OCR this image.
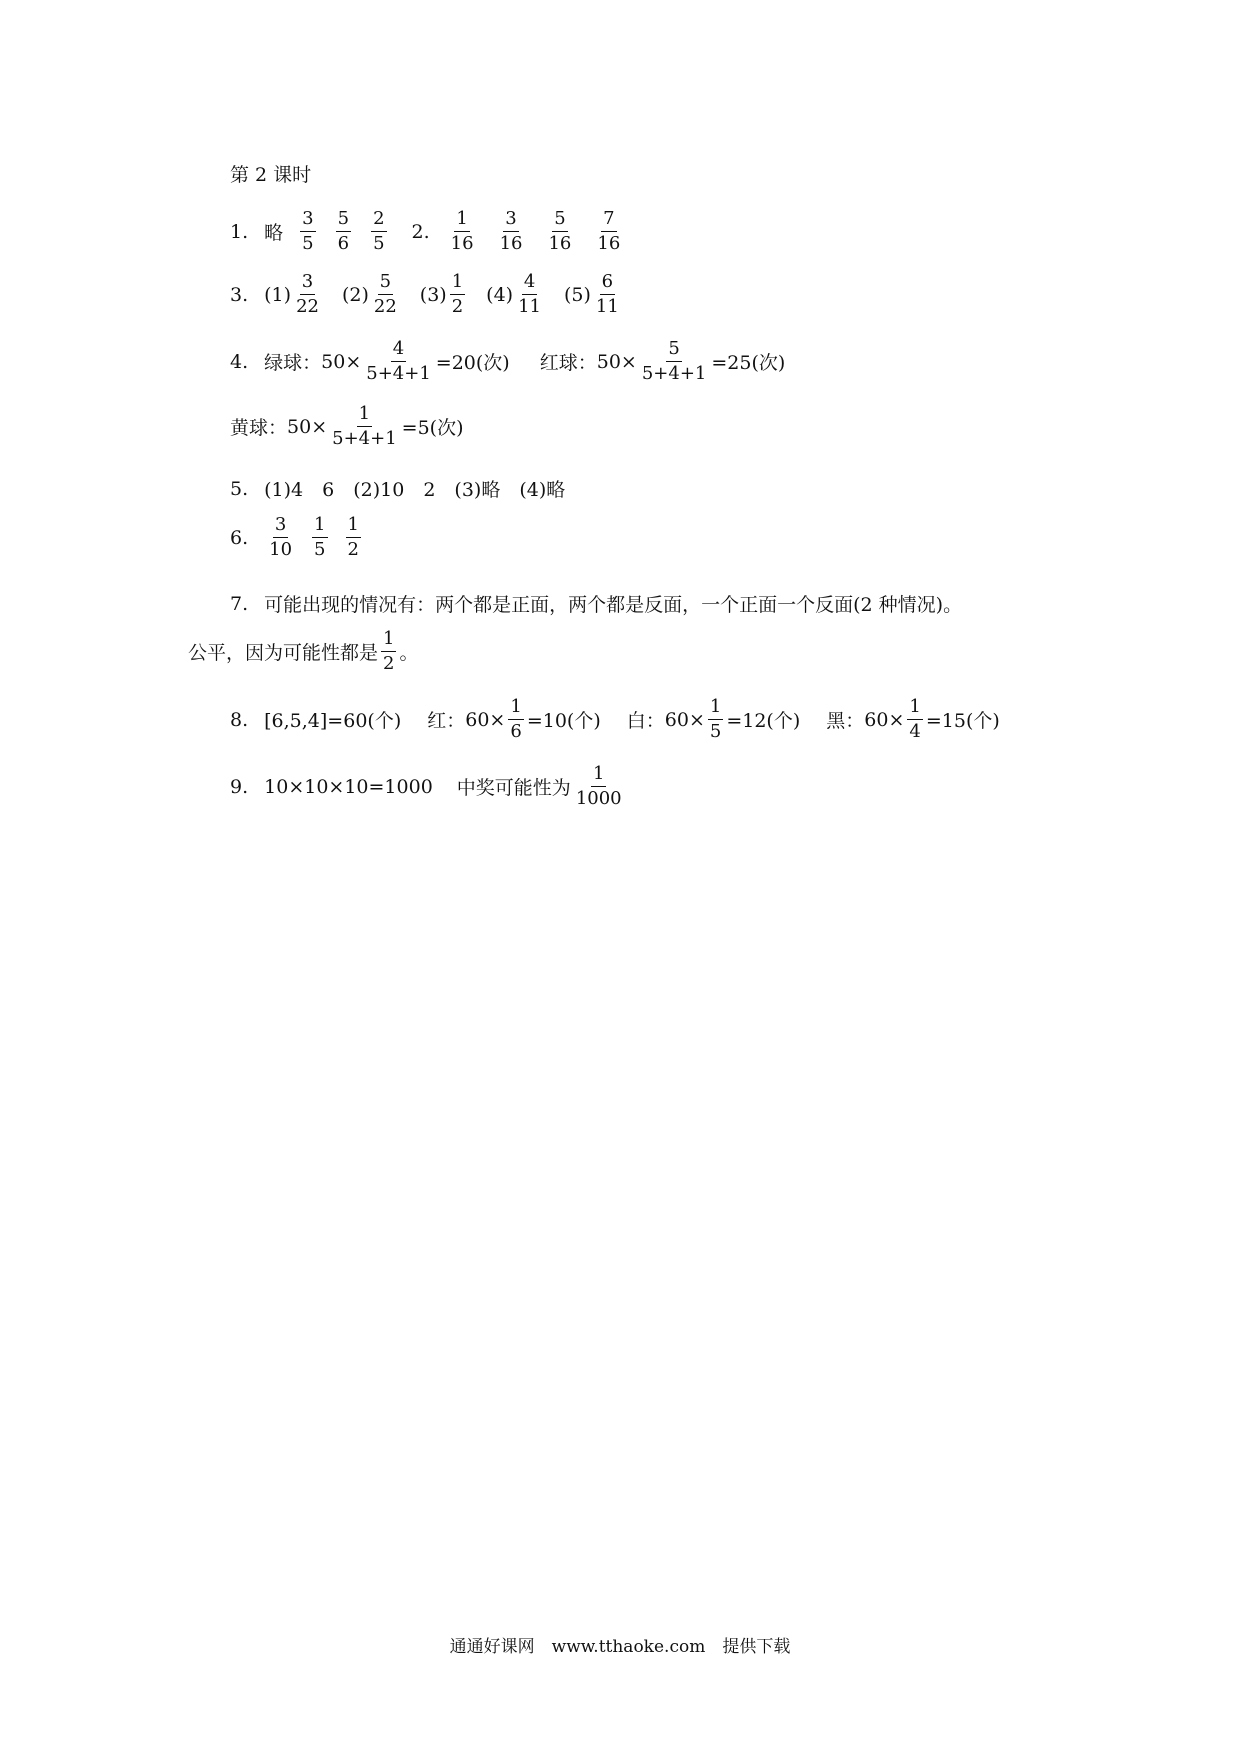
第 2 课时
1. 略 $\frac{3}{5} \frac{5}{6} \frac{2}{5} 2$. $\frac{1}{16} \frac{3}{16} \frac{5}{16} \frac{7}{16}$
3. $(1) \frac{3}{22} (2) \frac{5}{22} (3) \frac{1}{2} (4) \frac{4}{11} (5) \frac{6}{11}$
4. 绿球： $50\times \frac{4}{5+4+1} =20$(次) 红球： $50\times \frac{5}{5+4+1} =25$(次)
黄球： $50\times \frac{1}{5+4+1} =5$(次)
5. (1)4　6　(2)10　2　(3)略　(4)略
6. $\frac{3}{10} \frac{1}{5} \frac{1}{2}$
7. 可能出现的情况有：两个都是正面，两个都是反面，一个正面一个反面(2 种情况)。
公平，因为可能性都是 $\frac{1}{2}$ 。
8. [6,5,4]=60(个) 红： $60\times \frac{1}{6} =10$(个) 白： $60\times \frac{1}{5} =12$(个) 黑： $60\times \frac{1}{4} =15$(个)
9. 10×10×10=1000 中奖可能性为 $\frac{1}{1000}$
通通好课网　www.tthaoke.com　提供下载
